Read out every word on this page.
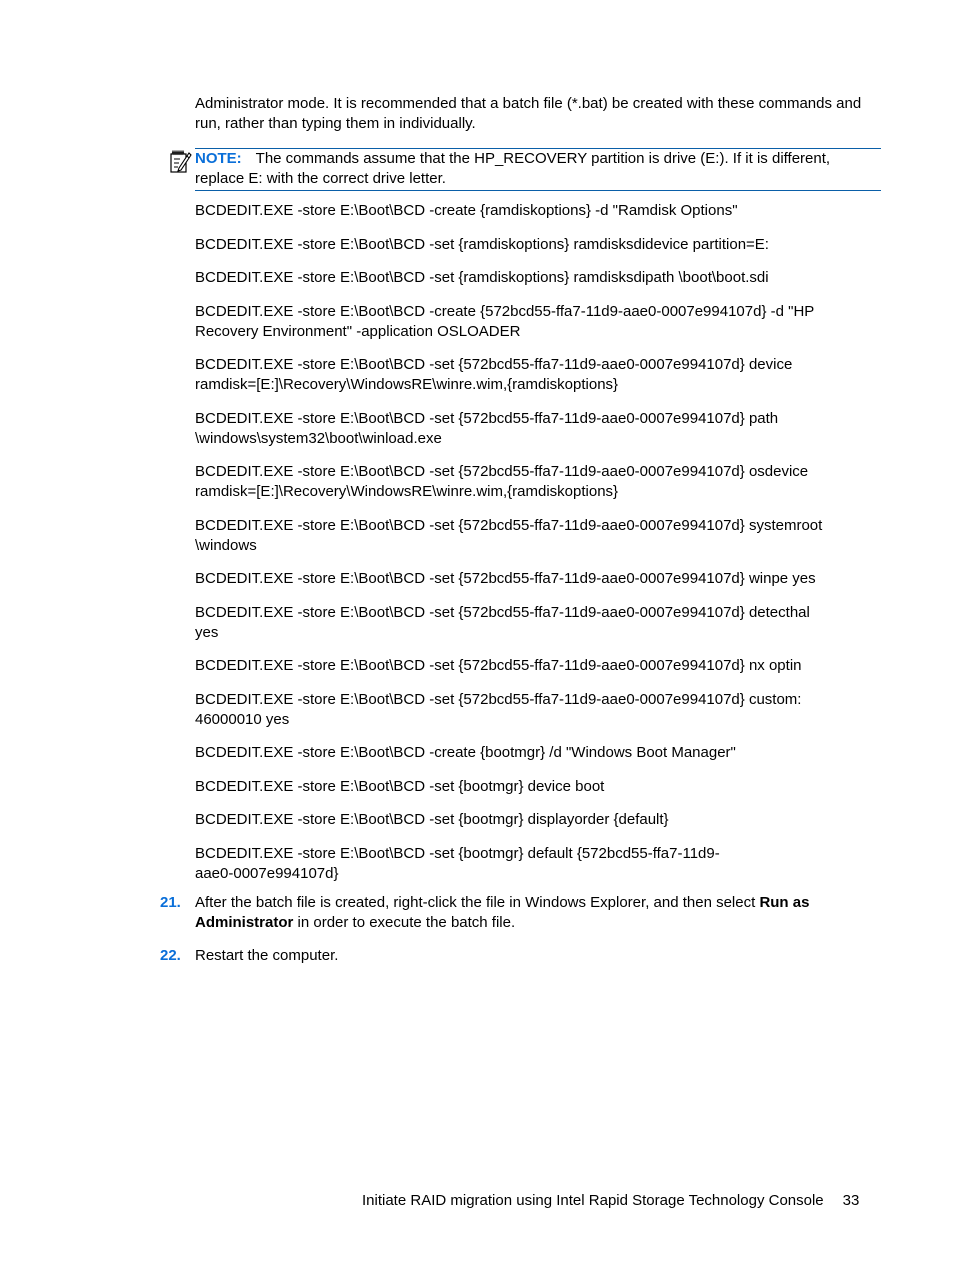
Administrator mode. It is recommended that a batch file (*.bat) be created with these commands and run, rather than typing them in individually.

NOTE: The commands assume that the HP_RECOVERY partition is drive (E:). If it is different, replace E: with the correct drive letter.

BCDEDIT.EXE -store E:\Boot\BCD -create {ramdiskoptions} -d "Ramdisk Options"

BCDEDIT.EXE -store E:\Boot\BCD -set {ramdiskoptions} ramdisksdidevice partition=E:

BCDEDIT.EXE -store E:\Boot\BCD -set {ramdiskoptions} ramdisksdipath \boot\boot.sdi

BCDEDIT.EXE -store E:\Boot\BCD -create {572bcd55-ffa7-11d9-aae0-0007e994107d} -d "HP
Recovery Environment" -application OSLOADER

BCDEDIT.EXE -store E:\Boot\BCD -set {572bcd55-ffa7-11d9-aae0-0007e994107d} device
ramdisk=[E:]\Recovery\WindowsRE\winre.wim,{ramdiskoptions}

BCDEDIT.EXE -store E:\Boot\BCD -set {572bcd55-ffa7-11d9-aae0-0007e994107d} path
\windows\system32\boot\winload.exe

BCDEDIT.EXE -store E:\Boot\BCD -set {572bcd55-ffa7-11d9-aae0-0007e994107d} osdevice
ramdisk=[E:]\Recovery\WindowsRE\winre.wim,{ramdiskoptions}

BCDEDIT.EXE -store E:\Boot\BCD -set {572bcd55-ffa7-11d9-aae0-0007e994107d} systemroot
\windows

BCDEDIT.EXE -store E:\Boot\BCD -set {572bcd55-ffa7-11d9-aae0-0007e994107d} winpe yes

BCDEDIT.EXE -store E:\Boot\BCD -set {572bcd55-ffa7-11d9-aae0-0007e994107d} detecthal
yes

BCDEDIT.EXE -store E:\Boot\BCD -set {572bcd55-ffa7-11d9-aae0-0007e994107d} nx optin

BCDEDIT.EXE -store E:\Boot\BCD -set {572bcd55-ffa7-11d9-aae0-0007e994107d} custom:
46000010 yes

BCDEDIT.EXE -store E:\Boot\BCD -create {bootmgr} /d "Windows Boot Manager"

BCDEDIT.EXE -store E:\Boot\BCD -set {bootmgr} device boot

BCDEDIT.EXE -store E:\Boot\BCD -set {bootmgr} displayorder {default}

BCDEDIT.EXE -store E:\Boot\BCD -set {bootmgr} default {572bcd55-ffa7-11d9-
aae0-0007e994107d}

21. After the batch file is created, right-click the file in Windows Explorer, and then select Run as Administrator in order to execute the batch file.
22. Restart the computer.
Initiate RAID migration using Intel Rapid Storage Technology Console 33
